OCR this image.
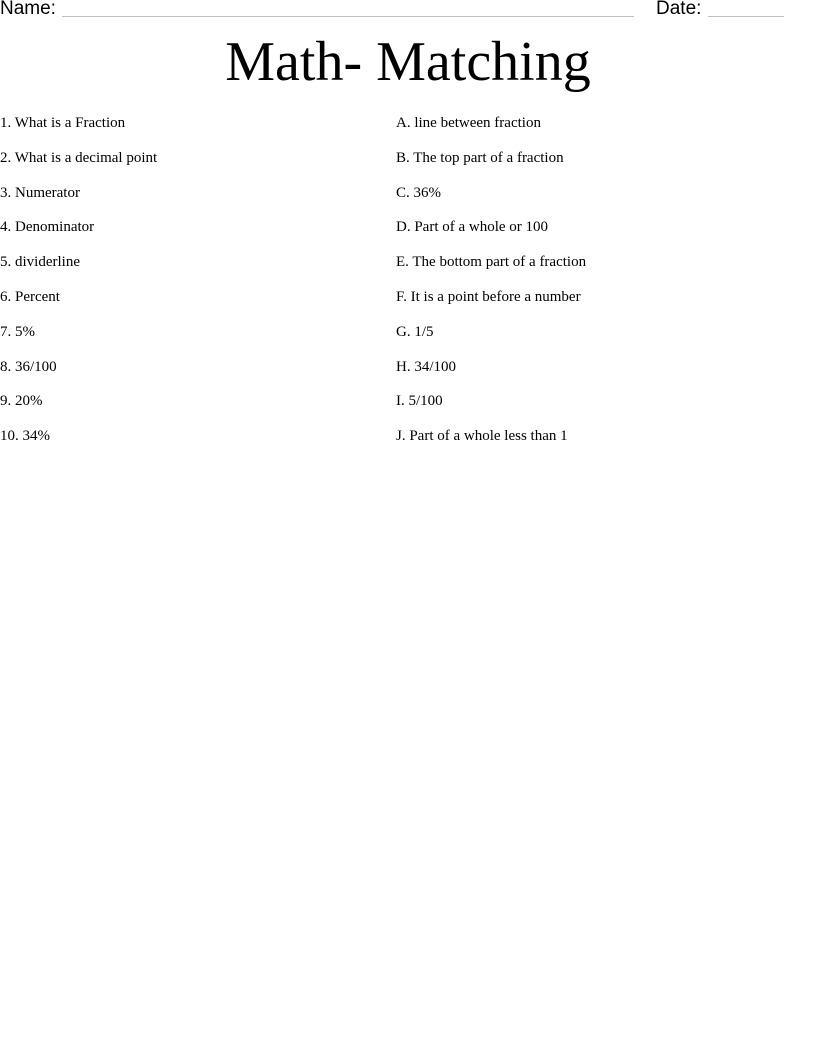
Name:	Date:
Math- Matching
1. What is a Fraction
2. What is a decimal point
3. Numerator
4. Denominator
5. dividerline
6. Percent
7. 5%
8. 36/100
9. 20%
10. 34%
A. line between fraction
B. The top part of a fraction
C. 36%
D. Part of a whole or 100
E. The bottom part of a fraction
F. It is a point before a number
G. 1/5
H. 34/100
I. 5/100
J. Part of a whole less than 1
